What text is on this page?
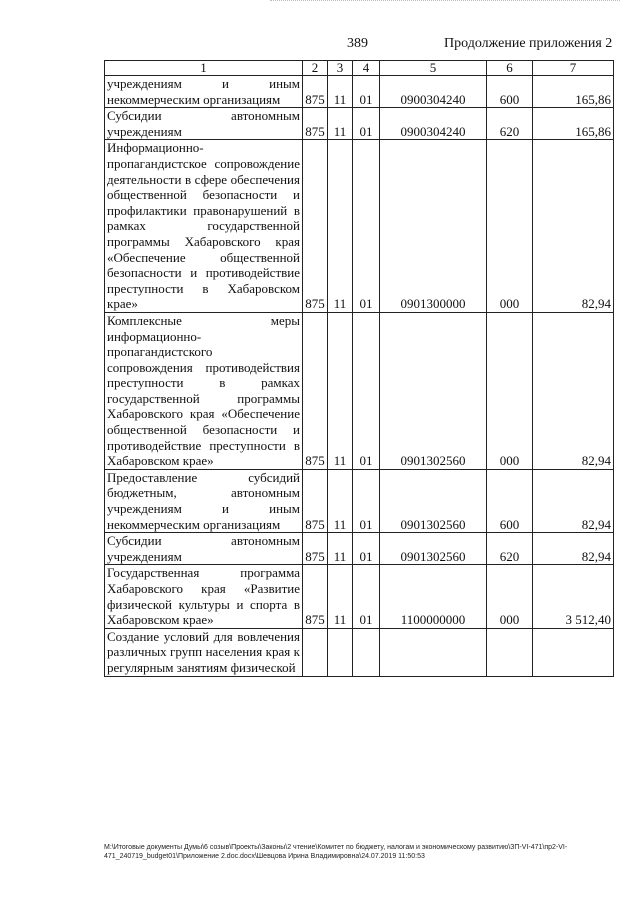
389	Продолжение приложения 2
1	2	3	4	5	6	7
учреждениям и иным некоммерческим организациям	875	11	01	0900304240	600	165,86
Субсидии автономным учреждениям	875	11	01	0900304240	620	165,86
Информационно-пропагандистское сопровождение деятельности в сфере обеспечения общественной безопасности и профилактики правонарушений в рамках государственной программы Хабаровского края «Обеспечение общественной безопасности и противодействие преступности в Хабаровском крае»	875	11	01	0901300000	000	82,94
Комплексные меры информационно-пропагандистского сопровождения противодействия преступности в рамках государственной программы Хабаровского края «Обеспечение общественной безопасности и противодействие преступности в Хабаровском крае»	875	11	01	0901302560	000	82,94
Предоставление субсидий бюджетным, автономным учреждениям и иным некоммерческим организациям	875	11	01	0901302560	600	82,94
Субсидии автономным учреждениям	875	11	01	0901302560	620	82,94
Государственная программа Хабаровского края «Развитие физической культуры и спорта в Хабаровском крае»	875	11	01	1100000000	000	3 512,40
Создание условий для вовлечения различных групп населения края к регулярным занятиям физической						
M:\Итоговые документы Думы\6 созыв\Проекты\Законы\2 чтение\Комитет по бюджету, налогам и экономическому развитию\ЗП-VI-471\пр2-VI-471_240719_budget01\Приложение 2.doc.docx\Шевцова Ирина Владимировна\24.07.2019 11:50:53
